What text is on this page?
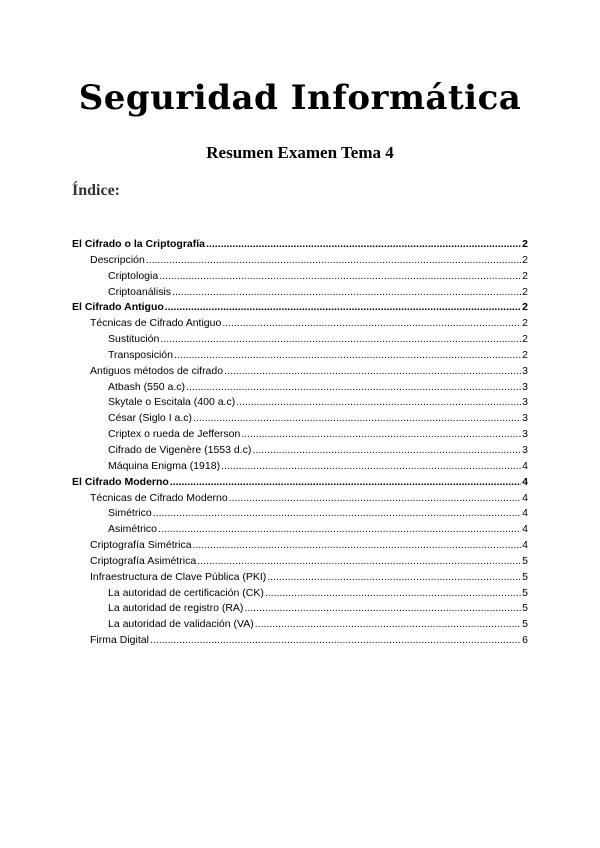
Seguridad Informática
Resumen Examen Tema 4
Índice:
El Cifrado o la Criptografía .....	2
Descripción .....	2
Criptologia .....	2
Criptoanálisis .....	2
El Cifrado Antiguo .....	2
Técnicas de Cifrado Antiguo .....	2
Sustitución .....	2
Transposición .....	2
Antiguos métodos de cifrado .....	3
Atbash (550 a.c) .....	3
Skytale o Escitala (400 a.c) .....	3
César (Siglo I a.c) .....	3
Criptex o rueda de Jefferson .....	3
Cifrado de Vigenère (1553 d.c) .....	3
Máquina Enigma (1918) .....	4
El Cifrado Moderno .....	4
Técnicas de Cifrado Moderno .....	4
Simétrico .....	4
Asimétrico .....	4
Criptografía Simétrica .....	4
Criptografía Asimétrica .....	5
Infraestructura de Clave Pública (PKI) .....	5
La autoridad de certificación (CK) .....	5
La autoridad de registro (RA) .....	5
La autoridad de validación (VA) .....	5
Firma Digital .....	6
